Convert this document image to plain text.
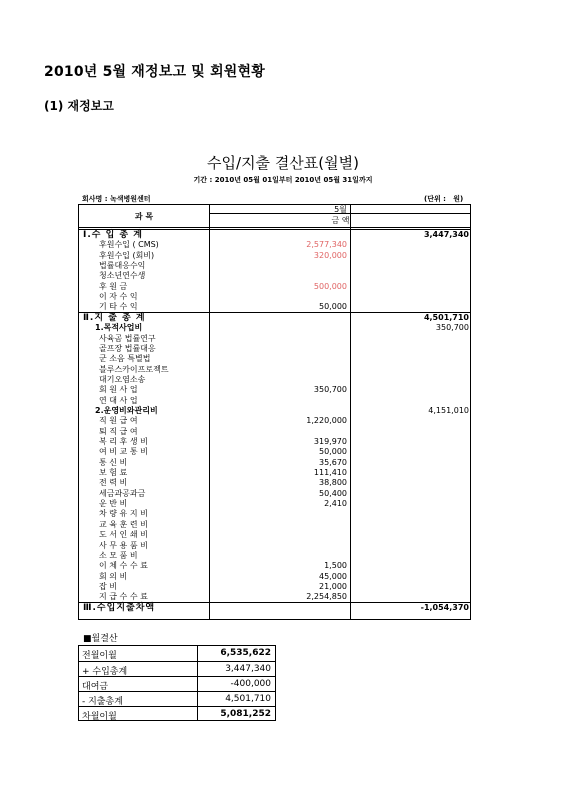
2010년 5월 재정보고 및 회원현황
(1) 재정보고
수입/지출 결산표(월별)
기간 : 2010년 05월 01일부터 2010년 05월 31일까지
회사명 : 녹색병원센터	(단위 :   원)
과 목
5월
금 액
Ⅰ.수 입 총 계	3,447,340
후원수입 ( CMS)	2,577,340
후원수입 (회비)	320,000
법률대응수익
청소년연수생
후 원 금	500,000
이 자 수 익
기 타 수 익	50,000
Ⅱ.지 출 총 계	4,501,710
1.목적사업비	350,700
사육곰 법률연구
골프장 법률대응
군 소음 특별법
블루스카이프로젝트
대기오염소송
회 원 사 업	350,700
연 대 사 업
2.운영비와관리비	4,151,010
직 원 급 여	1,220,000
퇴 직 급 여
복 리 후 생 비	319,970
여 비 교 통 비	50,000
통 신 비	35,670
보 험 료	111,410
전 력 비	38,800
세금과공과금	50,400
운 반 비	2,410
차 량 유 지 비
교 육 훈 련 비
도 서 인 쇄 비
사 무 용 품 비
소 모 품 비
이 체 수 수 료	1,500
회 의 비	45,000
잡 비	21,000
지 급 수 수 료	2,254,850
Ⅲ.수입지출차액	-1,054,370
■월결산
전월이월	6,535,622
+ 수입총계	3,447,340
대여금	-400,000
- 지출총계	4,501,710
차월이월	5,081,252
